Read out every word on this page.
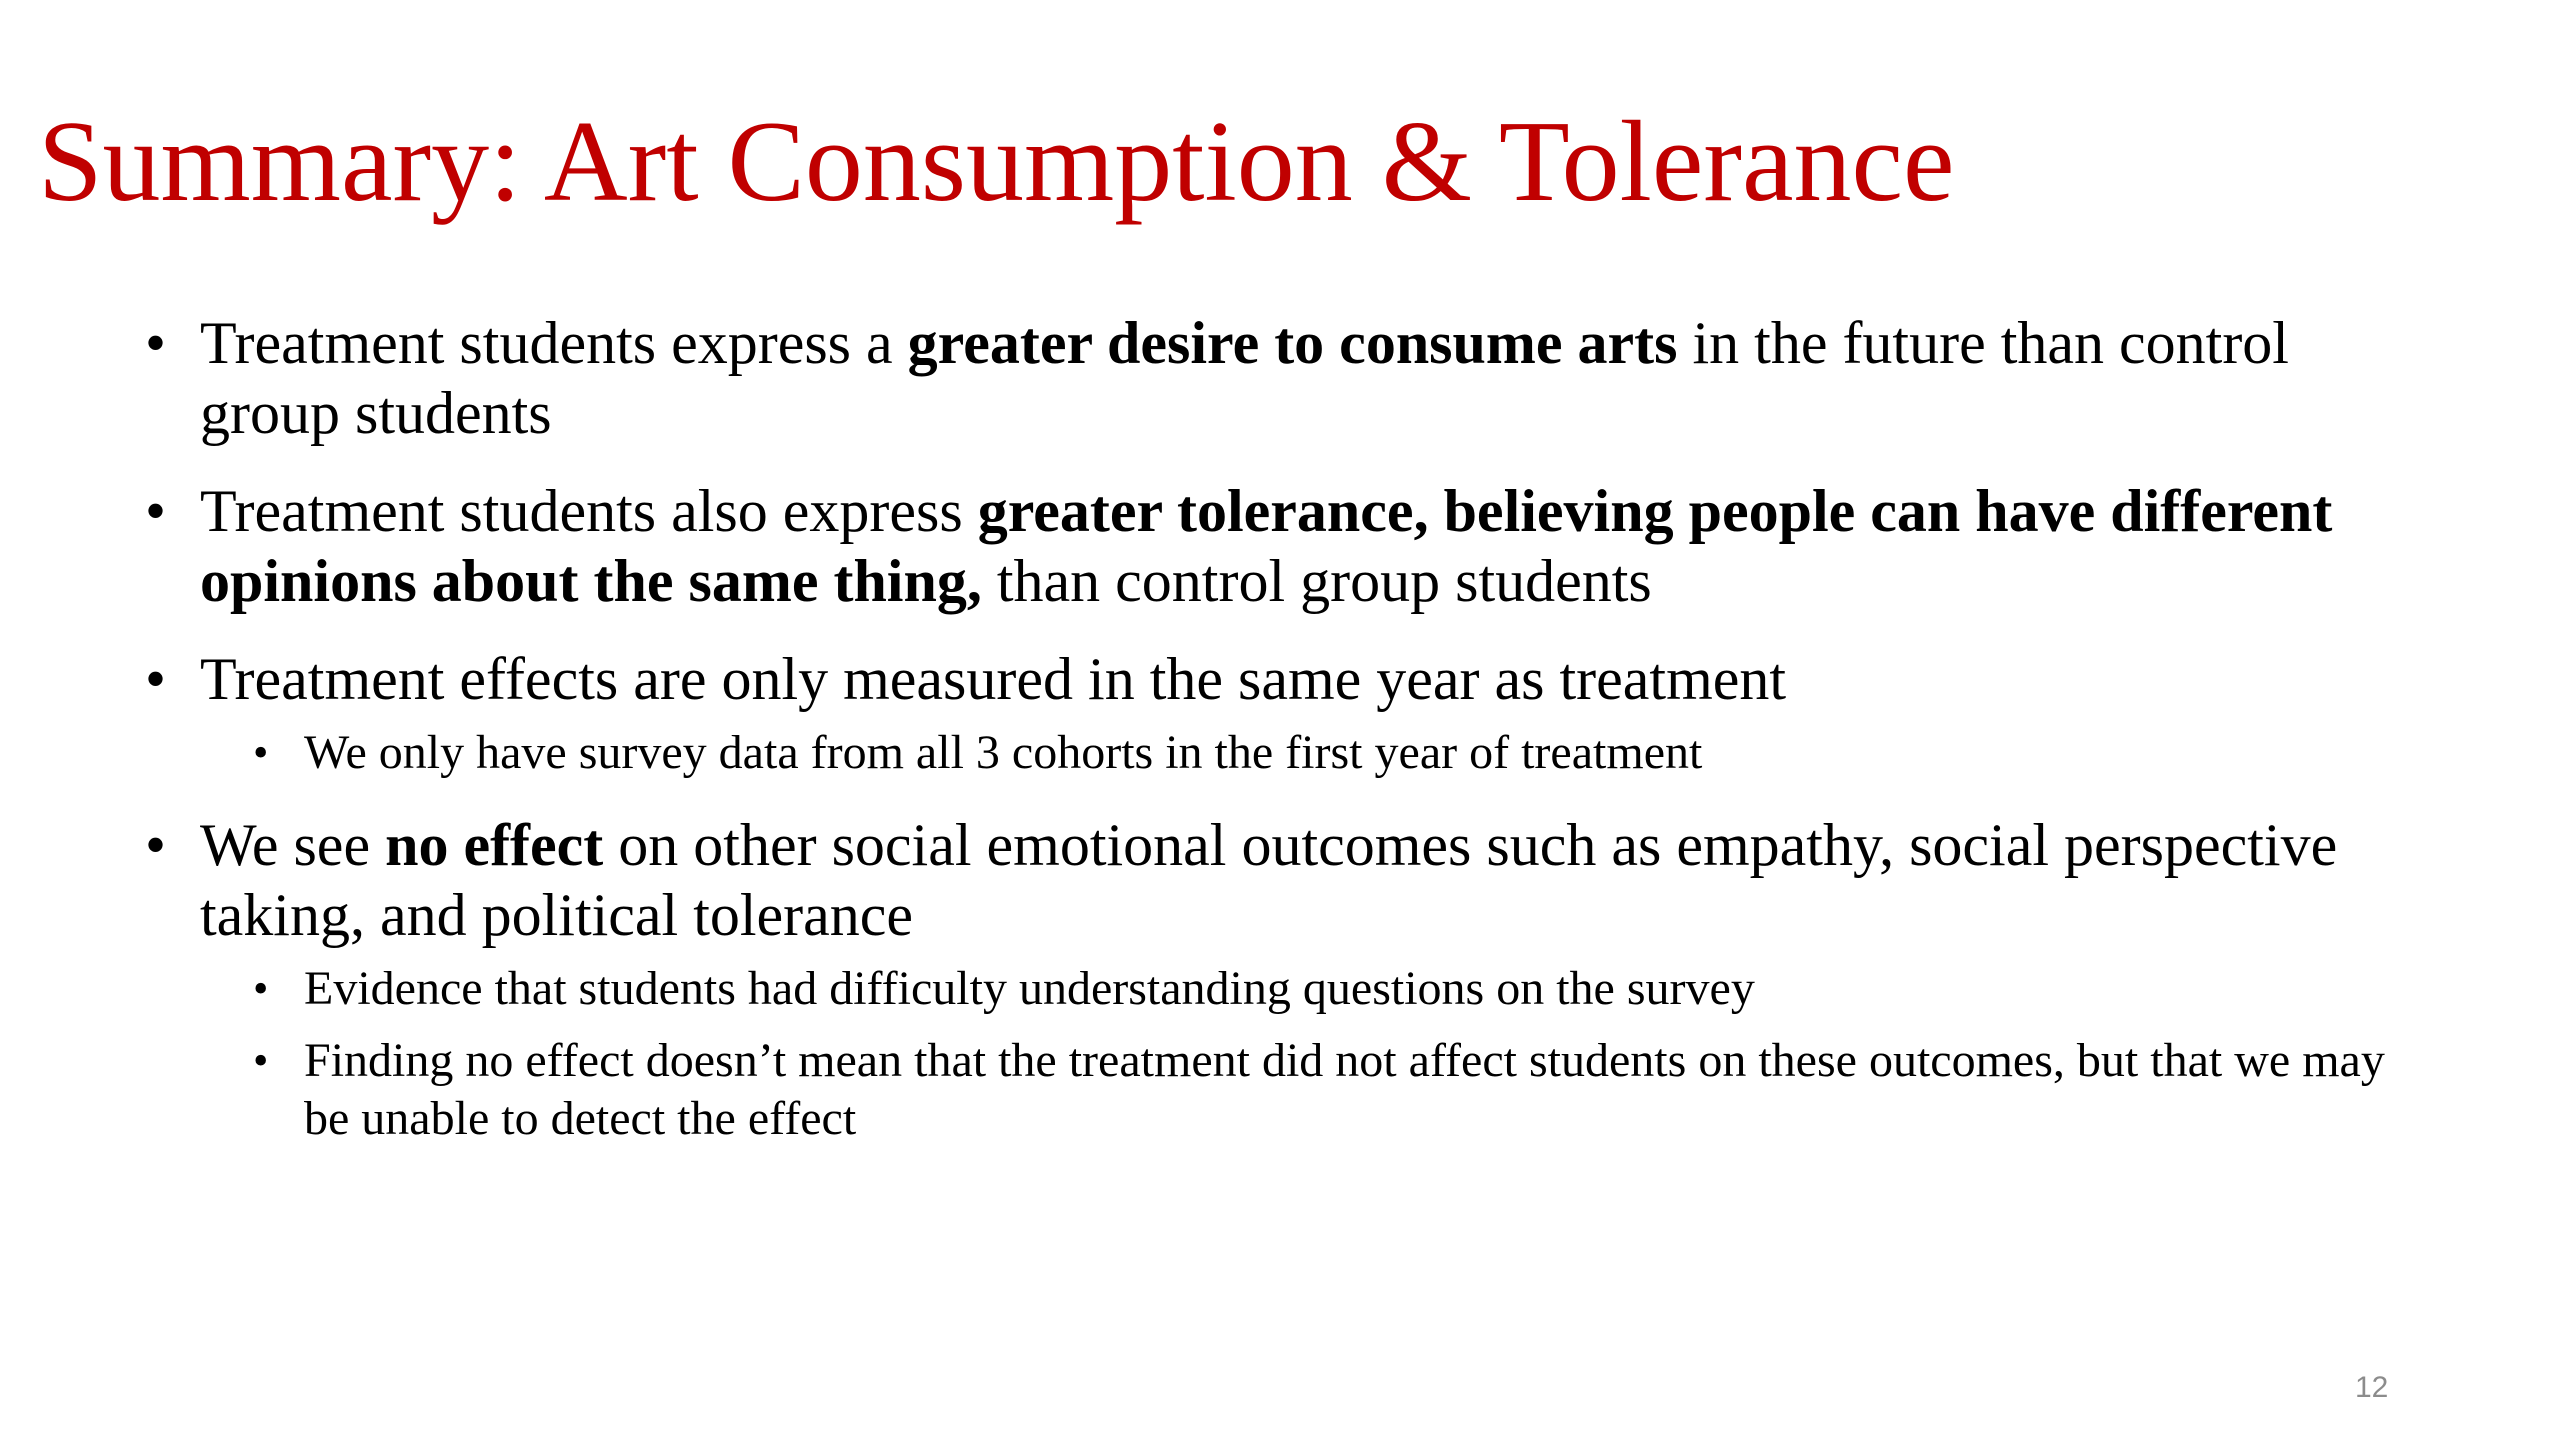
Summary: Art Consumption & Tolerance
• Treatment students express a greater desire to consume arts in the future than control group students
• Treatment students also express greater tolerance, believing people can have different opinions about the same thing, than control group students
• Treatment effects are only measured in the same year as treatment
• We only have survey data from all 3 cohorts in the first year of treatment
• We see no effect on other social emotional outcomes such as empathy, social perspective taking, and political tolerance
• Evidence that students had difficulty understanding questions on the survey
• Finding no effect doesn’t mean that the treatment did not affect students on these outcomes, but that we may be unable to detect the effect
12
